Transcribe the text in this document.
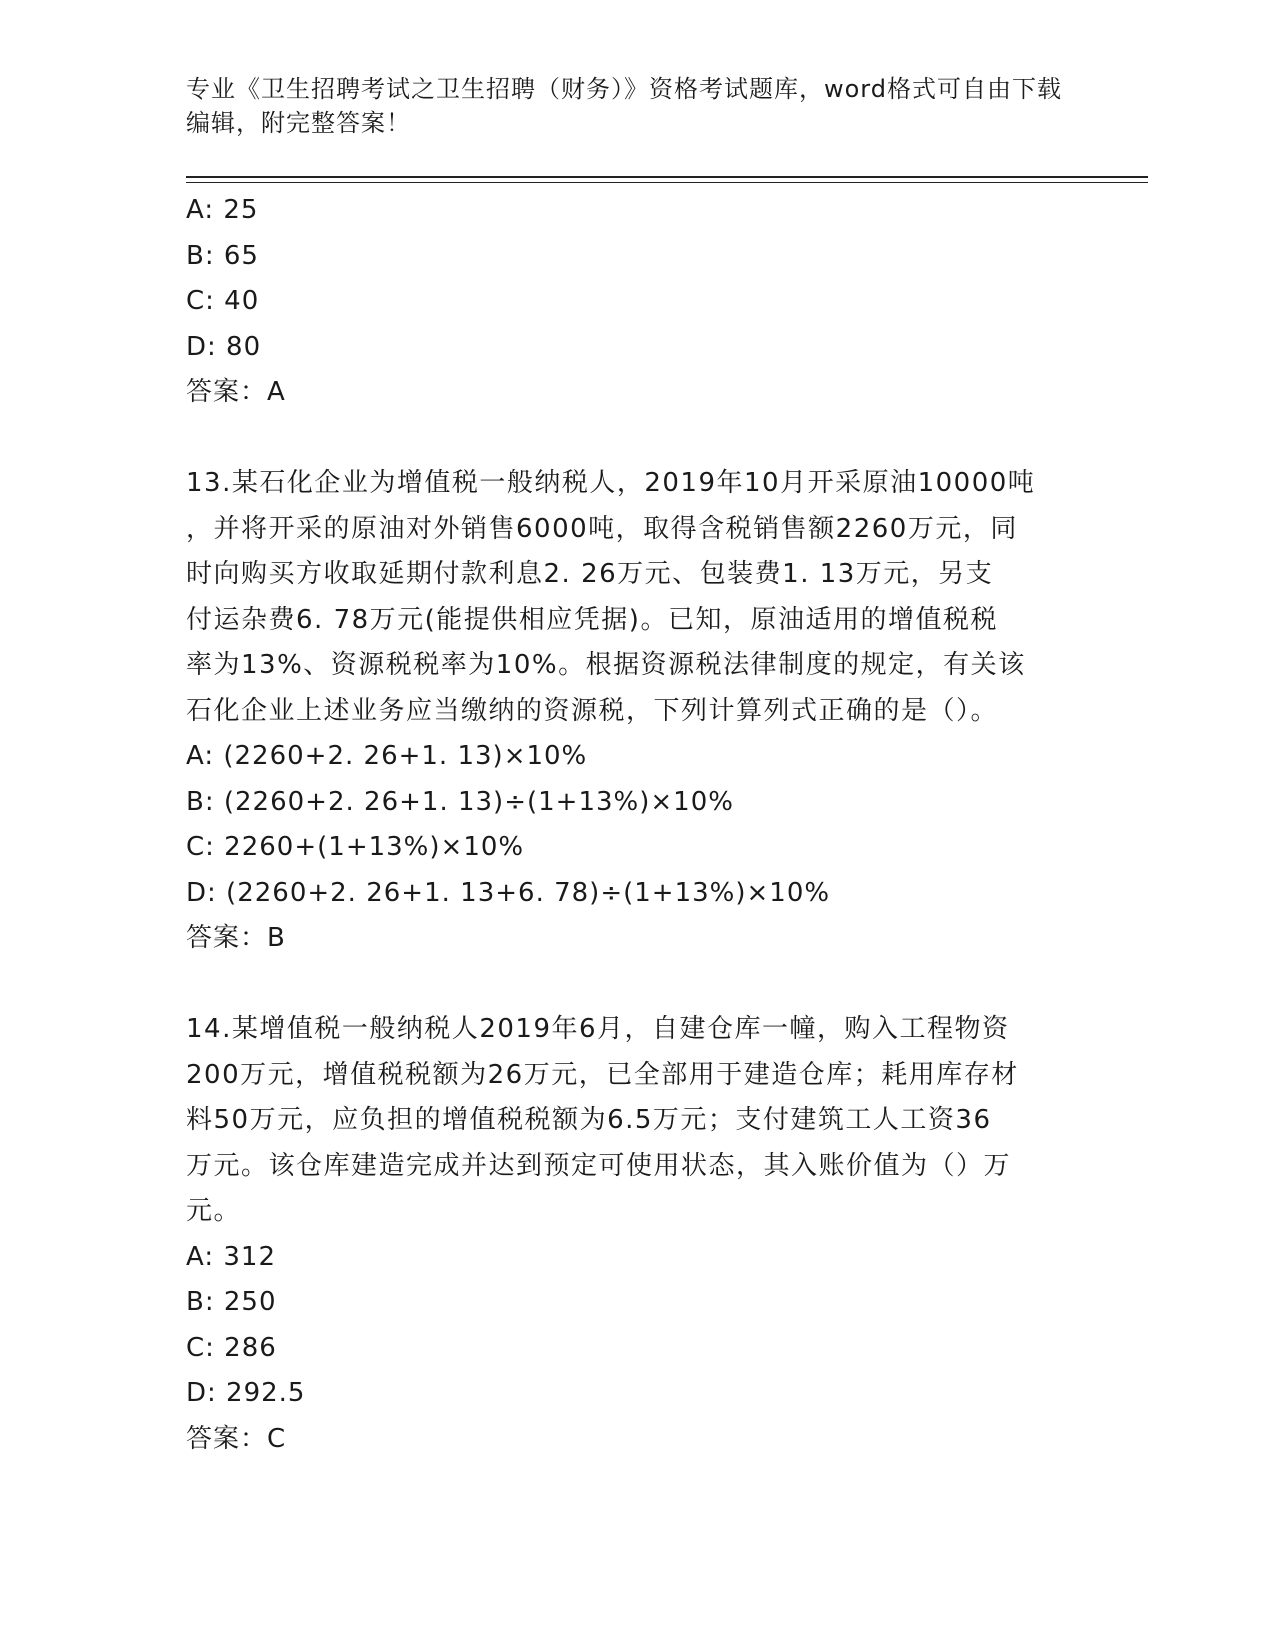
专业《卫生招聘考试之卫生招聘（财务）》资格考试题库，word格式可自由下载
编辑，附完整答案！
A: 25
B: 65
C: 40
D: 80
答案：A
13.某石化企业为增值税一般纳税人，2019年10月开采原油10000吨
，并将开采的原油对外销售6000吨，取得含税销售额2260万元，同
时向购买方收取延期付款利息2. 26万元、包装费1. 13万元，另支
付运杂费6. 78万元(能提供相应凭据)。已知，原油适用的增值税税
率为13%、资源税税率为10%。根据资源税法律制度的规定，有关该
石化企业上述业务应当缴纳的资源税，下列计算列式正确的是（）。
A: (2260+2. 26+1. 13)×10%
B: (2260+2. 26+1. 13)÷(1+13%)×10%
C: 2260+(1+13%)×10%
D: (2260+2. 26+1. 13+6. 78)÷(1+13%)×10%
答案：B
14.某增值税一般纳税人2019年6月，自建仓库一幢，购入工程物资
200万元，增值税税额为26万元，已全部用于建造仓库；耗用库存材
料50万元，应负担的增值税税额为6.5万元；支付建筑工人工资36
万元。该仓库建造完成并达到预定可使用状态，其入账价值为（）万
元。
A: 312
B: 250
C: 286
D: 292.5
答案：C
